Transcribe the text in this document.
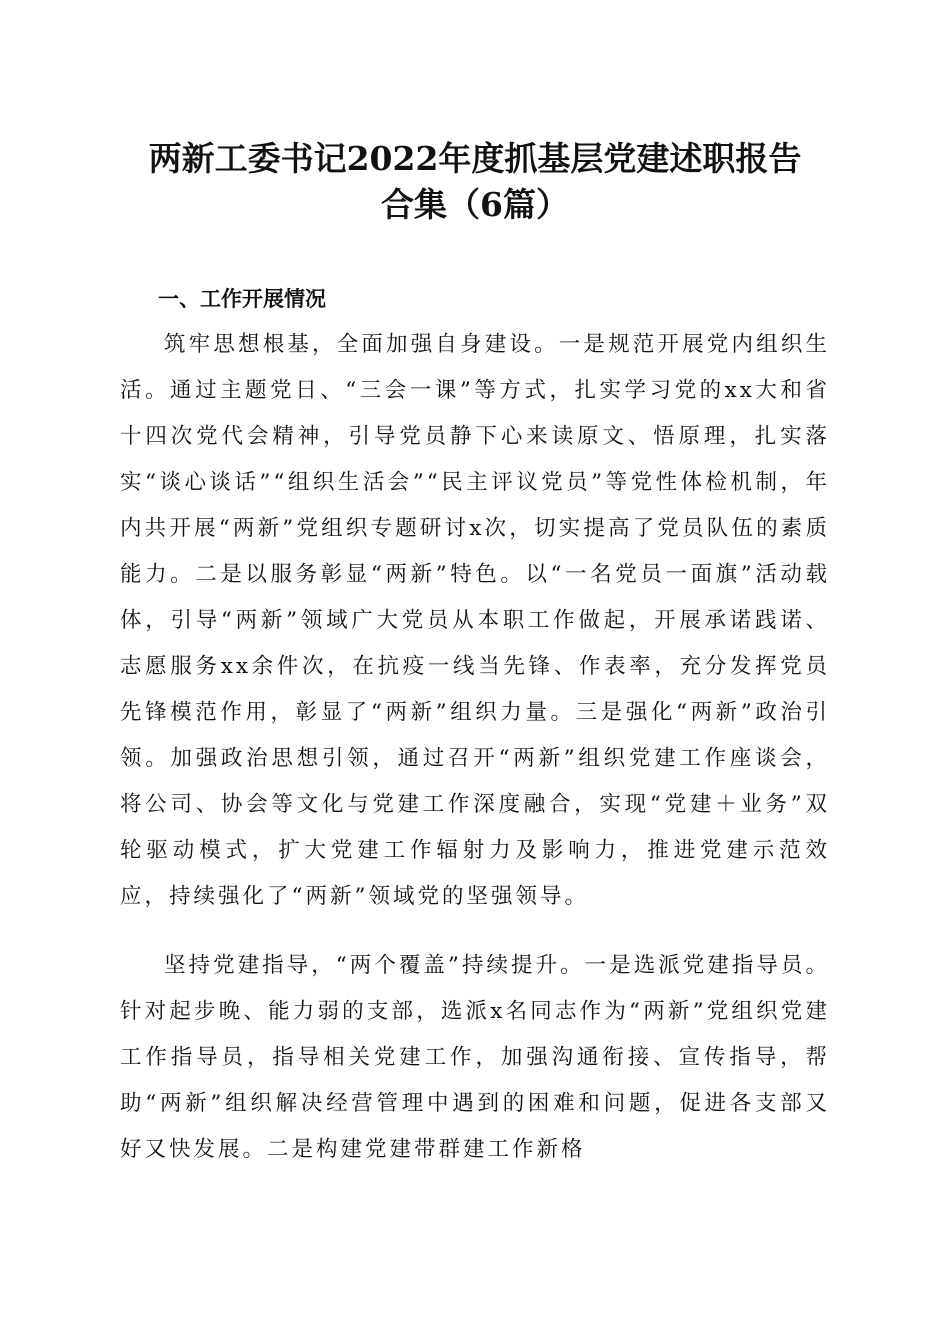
两新工委书记2022年度抓基层党建述职报告
合集（6篇）
一、工作开展情况

筑牢思想根基，全面加强自身建设。一是规范开展党内组织生活。通过主题党日、“三会一课”等方式，扎实学习党的xx大和省十四次党代会精神，引导党员静下心来读原文、悟原理，扎实落实“谈心谈话”“组织生活会”“民主评议党员”等党性体检机制，年内共开展“两新”党组织专题研讨x次，切实提高了党员队伍的素质能力。二是以服务彰显“两新”特色。以“一名党员一面旗”活动载体，引导“两新”领域广大党员从本职工作做起，开展承诺践诺、志愿服务xx余件次，在抗疫一线当先锋、作表率，充分发挥党员先锋模范作用，彰显了“两新”组织力量。三是强化“两新”政治引领。加强政治思想引领，通过召开“两新”组织党建工作座谈会，将公司、协会等文化与党建工作深度融合，实现“党建＋业务”双轮驱动模式，扩大党建工作辐射力及影响力，推进党建示范效应，持续强化了“两新”领域党的坚强领导。

坚持党建指导，“两个覆盖”持续提升。一是选派党建指导员。针对起步晚、能力弱的支部，选派x名同志作为“两新”党组织党建工作指导员，指导相关党建工作，加强沟通衔接、宣传指导，帮助“两新”组织解决经营管理中遇到的困难和问题，促进各支部又好又快发展。二是构建党建带群建工作新格
